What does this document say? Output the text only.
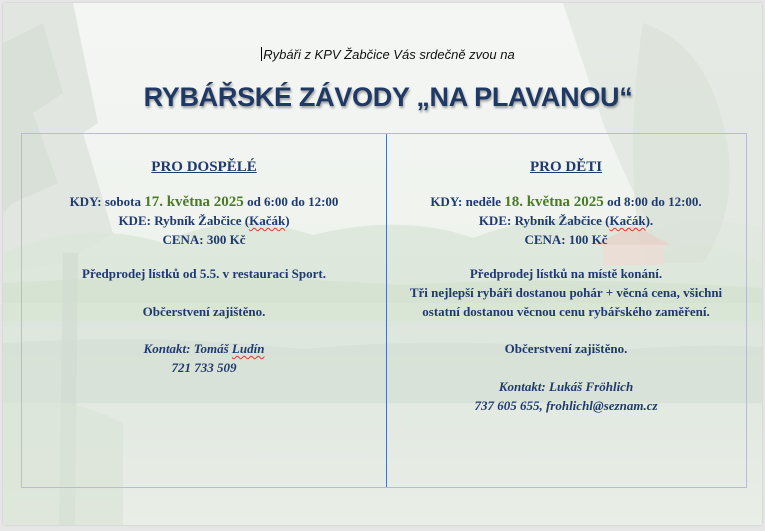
Rybáři z KPV Žabčice Vás srdečně zvou na
RYBÁŘSKÉ ZÁVODY „NA PLAVANOU“
PRO DOSPĚLÉ
KDY: sobota 17. května 2025 od 6:00 do 12:00
KDE: Rybník Žabčice (Kačák)
CENA: 300 Kč
Předprodej lístků od 5.5. v restauraci Sport.
Občerstvení zajištěno.
Kontakt: Tomáš Ludín
721 733 509
PRO DĚTI
KDY: neděle 18. května 2025 od 8:00 do 12:00.
KDE: Rybník Žabčice (Kačák).
CENA: 100 Kč
Předprodej lístků na místě konání.
Tři nejlepší rybáři dostanou pohár + věcná cena, všichni
ostatní dostanou věcnou cenu rybářského zaměření.
Občerstvení zajištěno.
Kontakt: Lukáš Fröhlich
737 605 655, frohlichl@seznam.cz
